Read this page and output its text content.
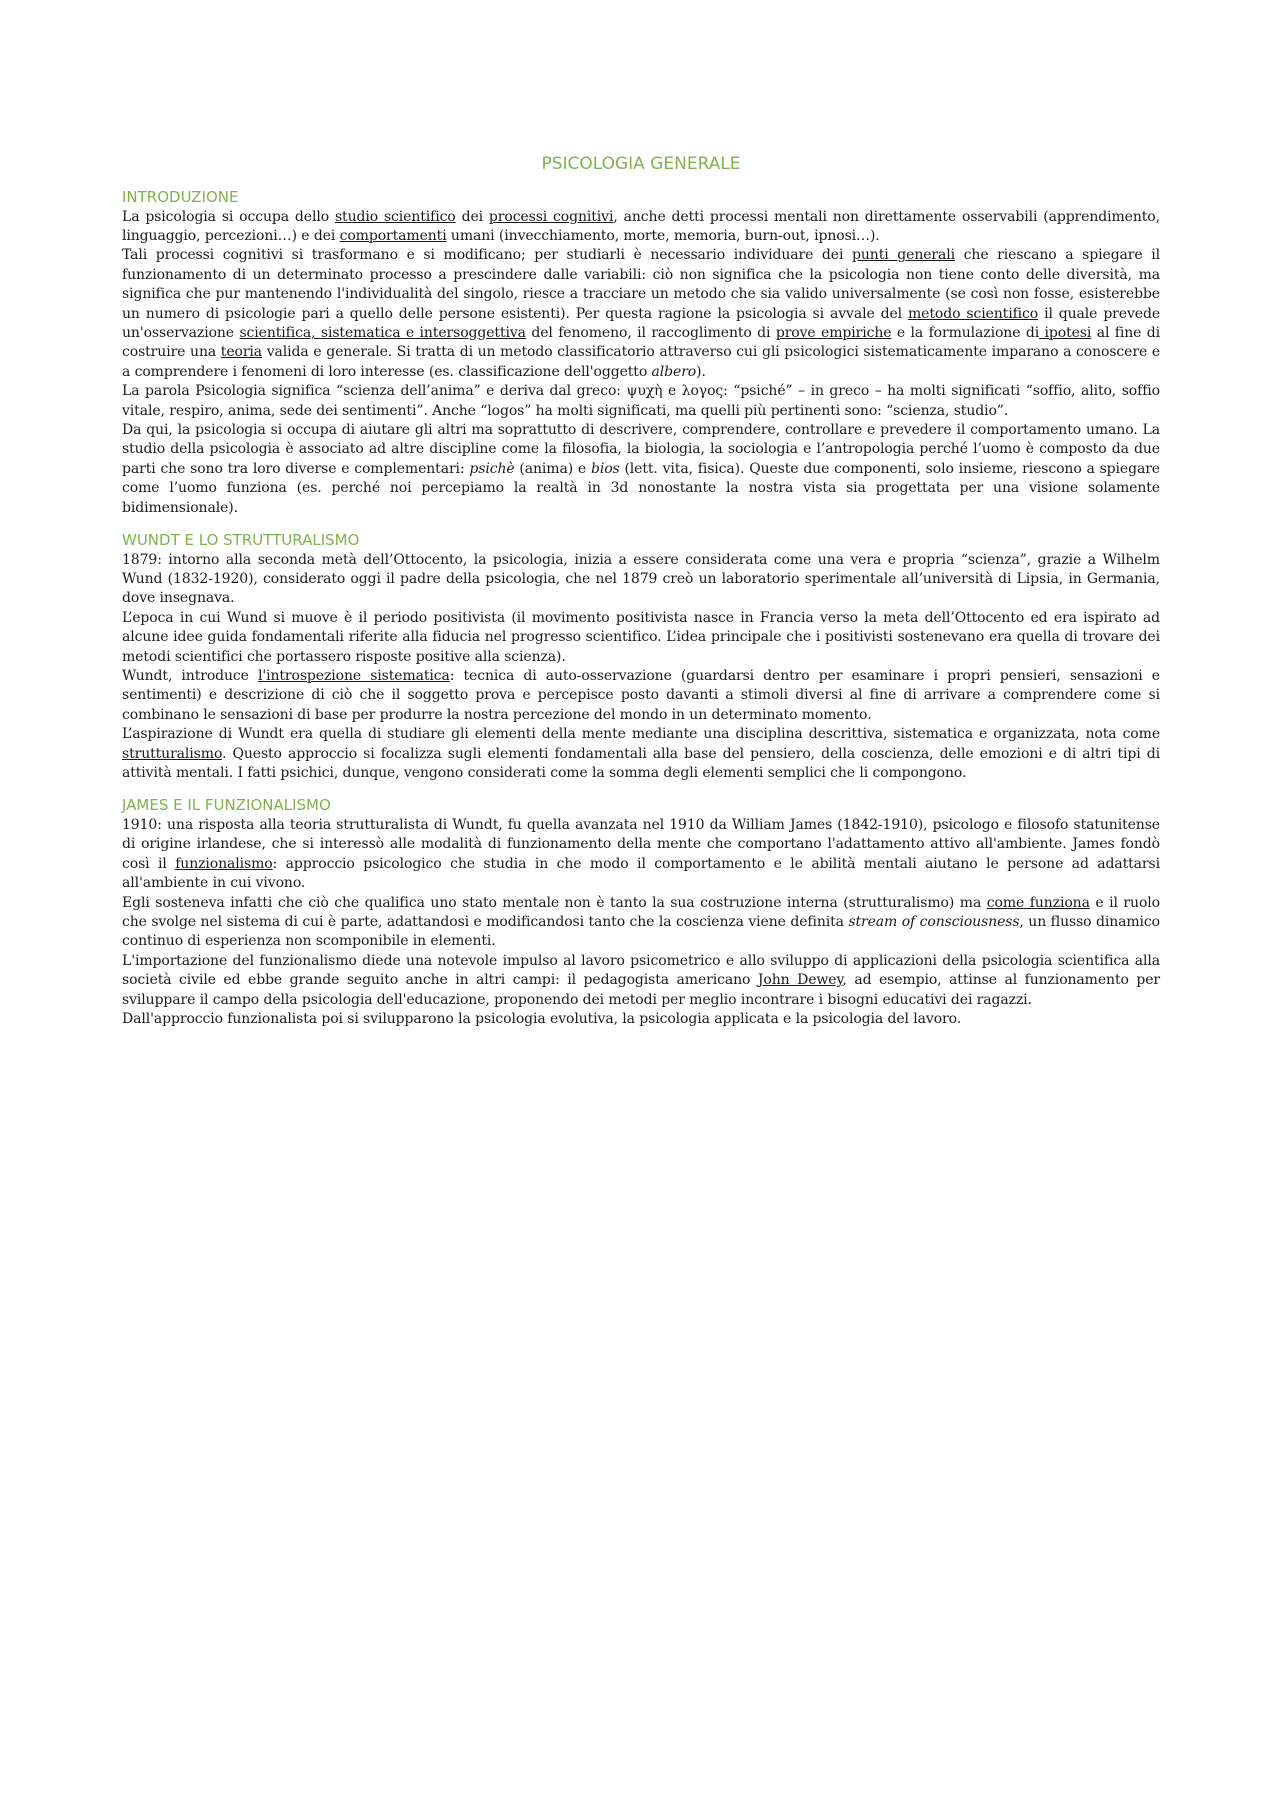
PSICOLOGIA GENERALE
INTRODUZIONE

La psicologia si occupa dello studio scientifico dei processi cognitivi, anche detti processi mentali non direttamente osservabili (apprendimento, linguaggio, percezioni…) e dei comportamenti umani (invecchiamento, morte, memoria, burn-out, ipnosi…).

Tali processi cognitivi si trasformano e si modificano; per studiarli è necessario individuare dei punti generali che riescano a spiegare il funzionamento di un determinato processo a prescindere dalle variabili: ciò non significa che la psicologia non tiene conto delle diversità, ma significa che pur mantenendo l'individualità del singolo, riesce a tracciare un metodo che sia valido universalmente (se così non fosse, esisterebbe un numero di psicologie pari a quello delle persone esistenti). Per questa ragione la psicologia si avvale del metodo scientifico il quale prevede un'osservazione scientifica, sistematica e intersoggettiva del fenomeno, il raccoglimento di prove empiriche e la formulazione di ipotesi al fine di costruire una teoria valida e generale. Si tratta di un metodo classificatorio attraverso cui gli psicologici sistematicamente imparano a conoscere e a comprendere i fenomeni di loro interesse (es. classificazione dell'oggetto albero).

La parola Psicologia significa “scienza dell’anima” e deriva dal greco: ψυχὴ e λογος: “psiché” – in greco – ha molti significati “soffio, alito, soffio vitale, respiro, anima, sede dei sentimenti”. Anche “logos” ha molti significati, ma quelli più pertinenti sono: “scienza, studio”.

Da qui, la psicologia si occupa di aiutare gli altri ma soprattutto di descrivere, comprendere, controllare e prevedere il comportamento umano. La studio della psicologia è associato ad altre discipline come la filosofia, la biologia, la sociologia e l’antropologia perché l’uomo è composto da due parti che sono tra loro diverse e complementari: psichè (anima) e bios (lett. vita, fisica). Queste due componenti, solo insieme, riescono a spiegare come l’uomo funziona (es. perché noi percepiamo la realtà in 3d nonostante la nostra vista sia progettata per una visione solamente bidimensionale).

WUNDT E LO STRUTTURALISMO

1879: intorno alla seconda metà dell’Ottocento, la psicologia, inizia a essere considerata come una vera e propria “scienza”, grazie a Wilhelm Wund (1832-1920), considerato oggi il padre della psicologia, che nel 1879 creò un laboratorio sperimentale all’università di Lipsia, in Germania, dove insegnava.

L’epoca in cui Wund si muove è il periodo positivista (il movimento positivista nasce in Francia verso la meta dell’Ottocento ed era ispirato ad alcune idee guida fondamentali riferite alla fiducia nel progresso scientifico. L’idea principale che i positivisti sostenevano era quella di trovare dei metodi scientifici che portassero risposte positive alla scienza).

Wundt, introduce l'introspezione sistematica: tecnica di auto-osservazione (guardarsi dentro per esaminare i propri pensieri, sensazioni e sentimenti) e descrizione di ciò che il soggetto prova e percepisce posto davanti a stimoli diversi al fine di arrivare a comprendere come si combinano le sensazioni di base per produrre la nostra percezione del mondo in un determinato momento.

L’aspirazione di Wundt era quella di studiare gli elementi della mente mediante una disciplina descrittiva, sistematica e organizzata, nota come strutturalismo. Questo approccio si focalizza sugli elementi fondamentali alla base del pensiero, della coscienza, delle emozioni e di altri tipi di attività mentali. I fatti psichici, dunque, vengono considerati come la somma degli elementi semplici che li compongono.

JAMES E IL FUNZIONALISMO

1910: una risposta alla teoria strutturalista di Wundt, fu quella avanzata nel 1910 da William James (1842-1910), psicologo e filosofo statunitense di origine irlandese, che si interessò alle modalità di funzionamento della mente che comportano l'adattamento attivo all'ambiente. James fondò così il funzionalismo: approccio psicologico che studia in che modo il comportamento e le abilità mentali aiutano le persone ad adattarsi all'ambiente in cui vivono.

Egli sosteneva infatti che ciò che qualifica uno stato mentale non è tanto la sua costruzione interna (strutturalismo) ma come funziona e il ruolo che svolge nel sistema di cui è parte, adattandosi e modificandosi tanto che la coscienza viene definita stream of consciousness, un flusso dinamico continuo di esperienza non scomponibile in elementi.

L'importazione del funzionalismo diede una notevole impulso al lavoro psicometrico e allo sviluppo di applicazioni della psicologia scientifica alla società civile ed ebbe grande seguito anche in altri campi: il pedagogista americano John Dewey, ad esempio, attinse al funzionamento per sviluppare il campo della psicologia dell'educazione, proponendo dei metodi per meglio incontrare i bisogni educativi dei ragazzi.

Dall'approccio funzionalista poi si svilupparono la psicologia evolutiva, la psicologia applicata e la psicologia del lavoro.
